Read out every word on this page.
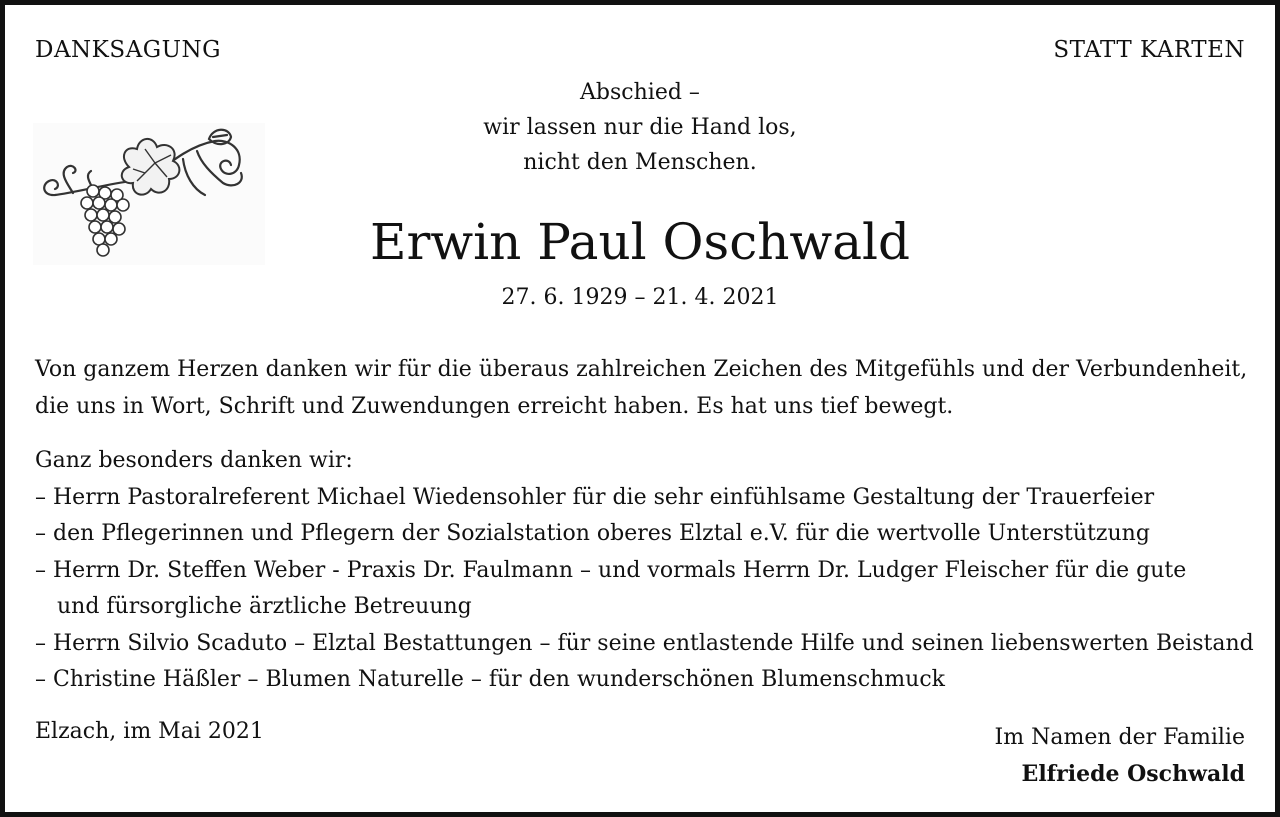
DANKSAGUNG	STATT KARTEN

Abschied –
wir lassen nur die Hand los,
nicht den Menschen.
Erwin Paul Oschwald

27. 6. 1929 – 21. 4. 2021

Von ganzem Herzen danken wir für die überaus zahlreichen Zeichen des Mitgefühls und der Verbundenheit, die uns in Wort, Schrift und Zuwendungen erreicht haben. Es hat uns tief bewegt.

Ganz besonders danken wir:
– Herrn Pastoralreferent Michael Wiedensohler für die sehr einfühlsame Gestaltung der Trauerfeier
– den Pflegerinnen und Pflegern der Sozialstation oberes Elztal e.V. für die wertvolle Unterstützung
– Herrn Dr. Steffen Weber - Praxis Dr. Faulmann – und vormals Herrn Dr. Ludger Fleischer für die gute
und fürsorgliche ärztliche Betreuung
– Herrn Silvio Scaduto – Elztal Bestattungen – für seine entlastende Hilfe und seinen liebenswerten Beistand
– Christine Häßler – Blumen Naturelle – für den wunderschönen Blumenschmuck

Elzach, im Mai 2021	Im Namen der Familie
Elfriede Oschwald
